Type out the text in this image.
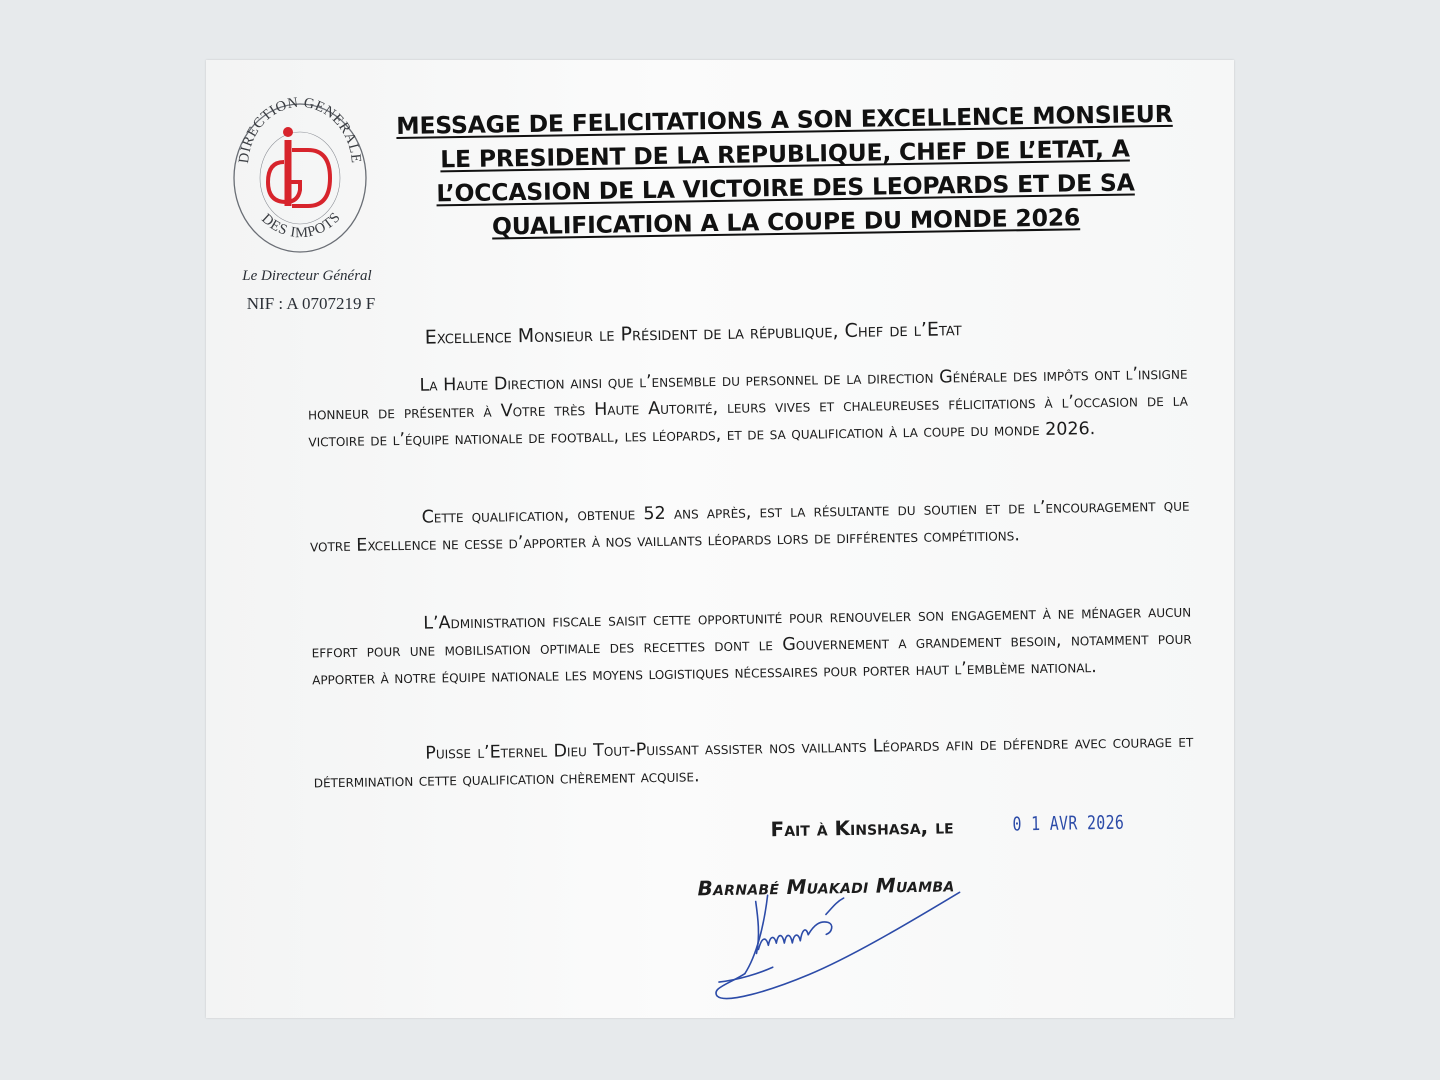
DIRECTION GENERALE
DES IMPOTS
Le Directeur Général
NIF : A 0707219 F
MESSAGE DE FELICITATIONS A SON EXCELLENCE MONSIEUR LE PRESIDENT DE LA REPUBLIQUE, CHEF DE L’ETAT, A L’OCCASION DE LA VICTOIRE DES LEOPARDS ET DE SA QUALIFICATION A LA COUPE DU MONDE 2026
Excellence Monsieur le Président de la république, Chef de l’Etat
La Haute Direction ainsi que l’ensemble du personnel de la direction Générale des impôts ont l’insigne honneur de présenter à Votre très Haute Autorité, leurs vives et chaleureuses félicitations à l’occasion de la victoire de l’équipe nationale de football, les léopards, et de sa qualification à la coupe du monde 2026.
Cette qualification, obtenue 52 ans après, est la résultante du soutien et de l’encouragement que votre Excellence ne cesse d’apporter à nos vaillants léopards lors de différentes compétitions.
L’Administration fiscale saisit cette opportunité pour renouveler son engagement à ne ménager aucun effort pour une mobilisation optimale des recettes dont le Gouvernement a grandement besoin, notamment pour apporter à notre équipe nationale les moyens logistiques nécessaires pour porter haut l’emblème national.
Puisse l’Eternel Dieu Tout-Puissant assister nos vaillants Léopards afin de défendre avec courage et détermination cette qualification chèrement acquise.
Fait à Kinshasa, le	0 1 AVR 2026
Barnabé Muakadi Muamba
